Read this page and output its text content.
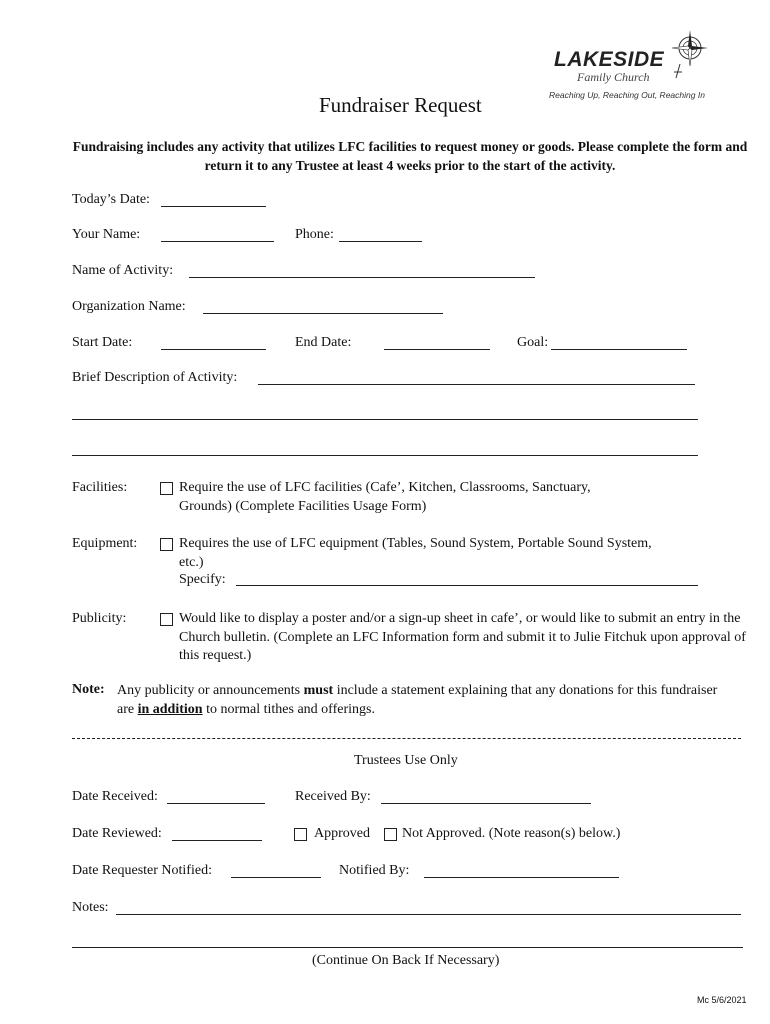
LAKESIDE
Family Church
Reaching Up, Reaching Out, Reaching In
Fundraiser Request
Fundraising includes any activity that utilizes LFC facilities to request money or goods. Please complete the form and return it to any Trustee at least 4 weeks prior to the start of the activity.
Today’s Date:
Your Name:	Phone:
Name of Activity:
Organization Name:
Start Date:	End Date:	Goal:
Brief Description of Activity:
Facilities:	Require the use of LFC facilities (Cafe’, Kitchen, Classrooms, Sanctuary, Grounds) (Complete Facilities Usage Form)
Equipment:	Requires the use of LFC equipment (Tables, Sound System, Portable Sound System, etc.)
Specify:
Publicity:	Would like to display a poster and/or a sign-up sheet in cafe’, or would like to submit an entry in the Church bulletin. (Complete an LFC Information form and submit it to Julie Fitchuk upon approval of this request.)
Note: Any publicity or announcements must include a statement explaining that any donations for this fundraiser are in addition to normal tithes and offerings.
Trustees Use Only
Date Received:	Received By:
Date Reviewed:	Approved Not Approved. (Note reason(s) below.)
Date Requester Notified:	Notified By:
Notes:
(Continue On Back If Necessary)
Mc 5/6/2021
